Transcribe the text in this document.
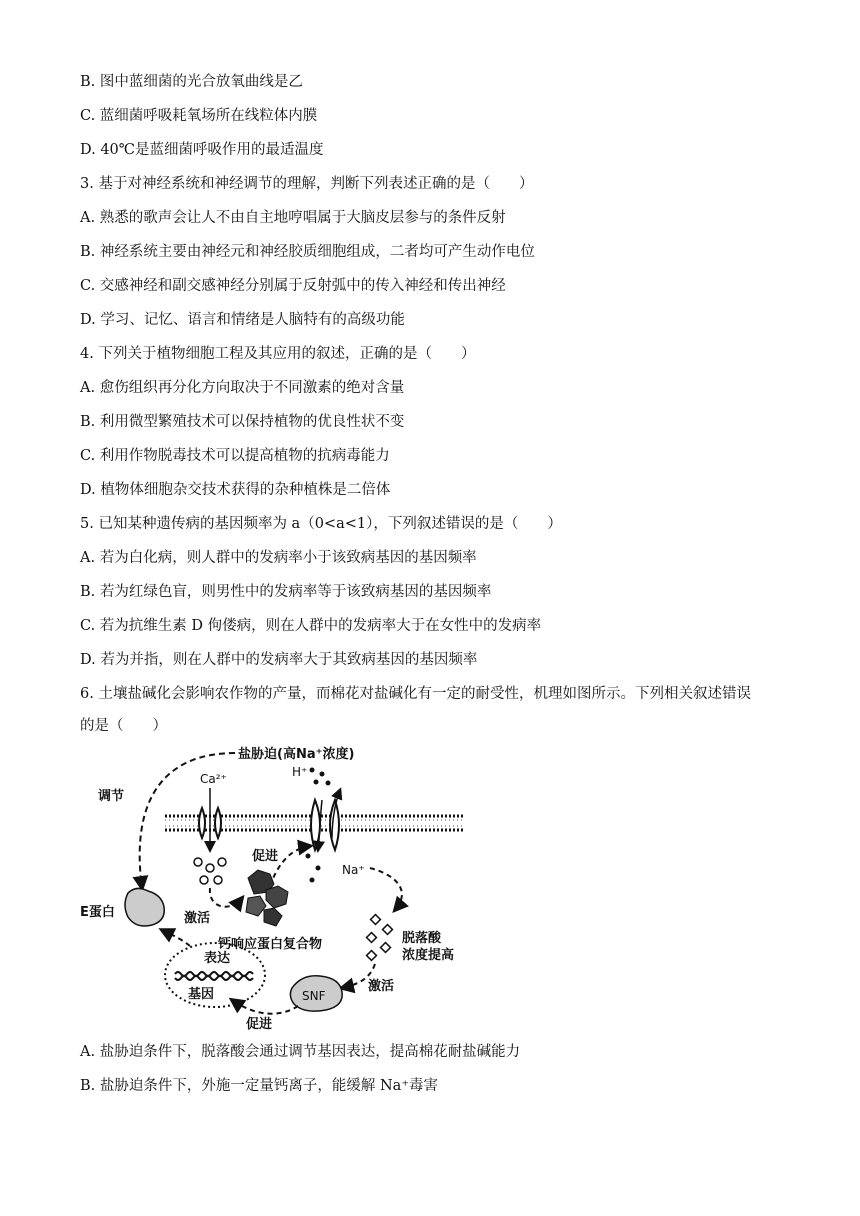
B. 图中蓝细菌的光合放氧曲线是乙
C. 蓝细菌呼吸耗氧场所在线粒体内膜
D. 40℃是蓝细菌呼吸作用的最适温度
3. 基于对神经系统和神经调节的理解，判断下列表述正确的是（　　）
A. 熟悉的歌声会让人不由自主地哼唱属于大脑皮层参与的条件反射
B. 神经系统主要由神经元和神经胶质细胞组成，二者均可产生动作电位
C. 交感神经和副交感神经分别属于反射弧中的传入神经和传出神经
D. 学习、记忆、语言和情绪是人脑特有的高级功能
4. 下列关于植物细胞工程及其应用的叙述，正确的是（　　）
A. 愈伤组织再分化方向取决于不同激素的绝对含量
B. 利用微型繁殖技术可以保持植物的优良性状不变
C. 利用作物脱毒技术可以提高植物的抗病毒能力
D. 植物体细胞杂交技术获得的杂种植株是二倍体
5. 已知某种遗传病的基因频率为 a（0<a<1），下列叙述错误的是（　　）
A. 若为白化病，则人群中的发病率小于该致病基因的基因频率
B. 若为红绿色盲，则男性中的发病率等于该致病基因的基因频率
C. 若为抗维生素 D 佝偻病，则在人群中的发病率大于在女性中的发病率
D. 若为并指，则在人群中的发病率大于其致病基因的基因频率
6. 土壤盐碱化会影响农作物的产量，而棉花对盐碱化有一定的耐受性，机理如图所示。下列相关叙述错误
的是（　　）
盐胁迫(高Na⁺浓度)
调节
Ca²⁺	H⁺
Na⁺
促进
激活
钙响应蛋白复合物
E蛋白
脱落酸
浓度提高
激活
SNF
促进
表达
基因
A. 盐胁迫条件下，脱落酸会通过调节基因表达，提高棉花耐盐碱能力
B. 盐胁迫条件下，外施一定量钙离子，能缓解 Na⁺毒害
